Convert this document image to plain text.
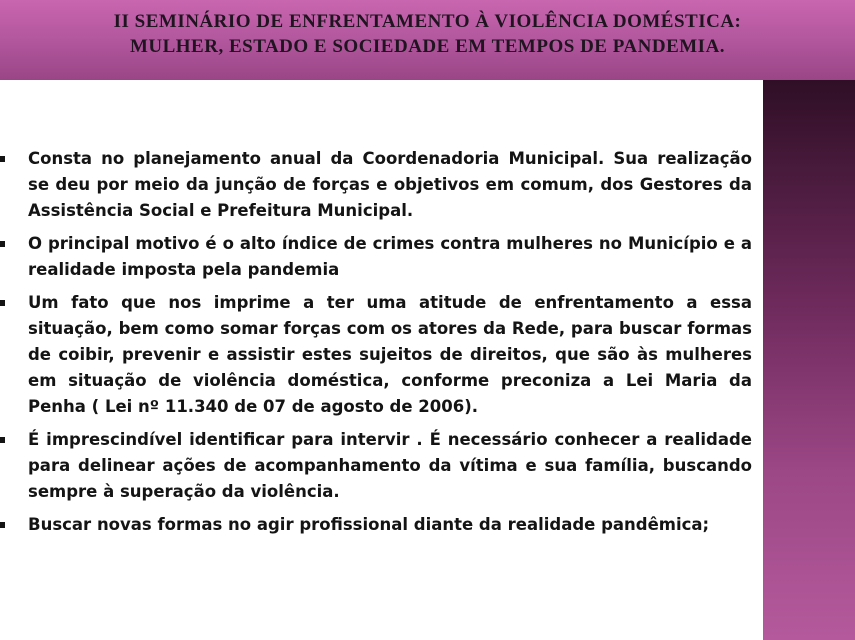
II SEMINÁRIO DE ENFRENTAMENTO À VIOLÊNCIA DOMÉSTICA:
MULHER, ESTADO E SOCIEDADE EM TEMPOS DE PANDEMIA.
Consta no planejamento anual da Coordenadoria Municipal. Sua realização se deu por meio da junção de forças e objetivos em comum, dos Gestores da Assistência Social e Prefeitura Municipal.
O principal motivo é o alto índice de crimes contra mulheres no Município e a realidade imposta pela pandemia
Um fato que nos imprime a ter uma atitude de enfrentamento a essa situação, bem como somar forças com os atores da Rede, para buscar formas de coibir, prevenir e assistir estes sujeitos de direitos, que são às mulheres em situação de violência doméstica, conforme preconiza a Lei Maria da Penha ( Lei nº 11.340 de 07 de agosto de 2006).
É imprescindível identificar para intervir . É necessário conhecer a realidade para delinear ações de acompanhamento da vítima e sua família, buscando sempre à superação da violência.
Buscar novas formas no agir profissional diante da realidade pandêmica;
